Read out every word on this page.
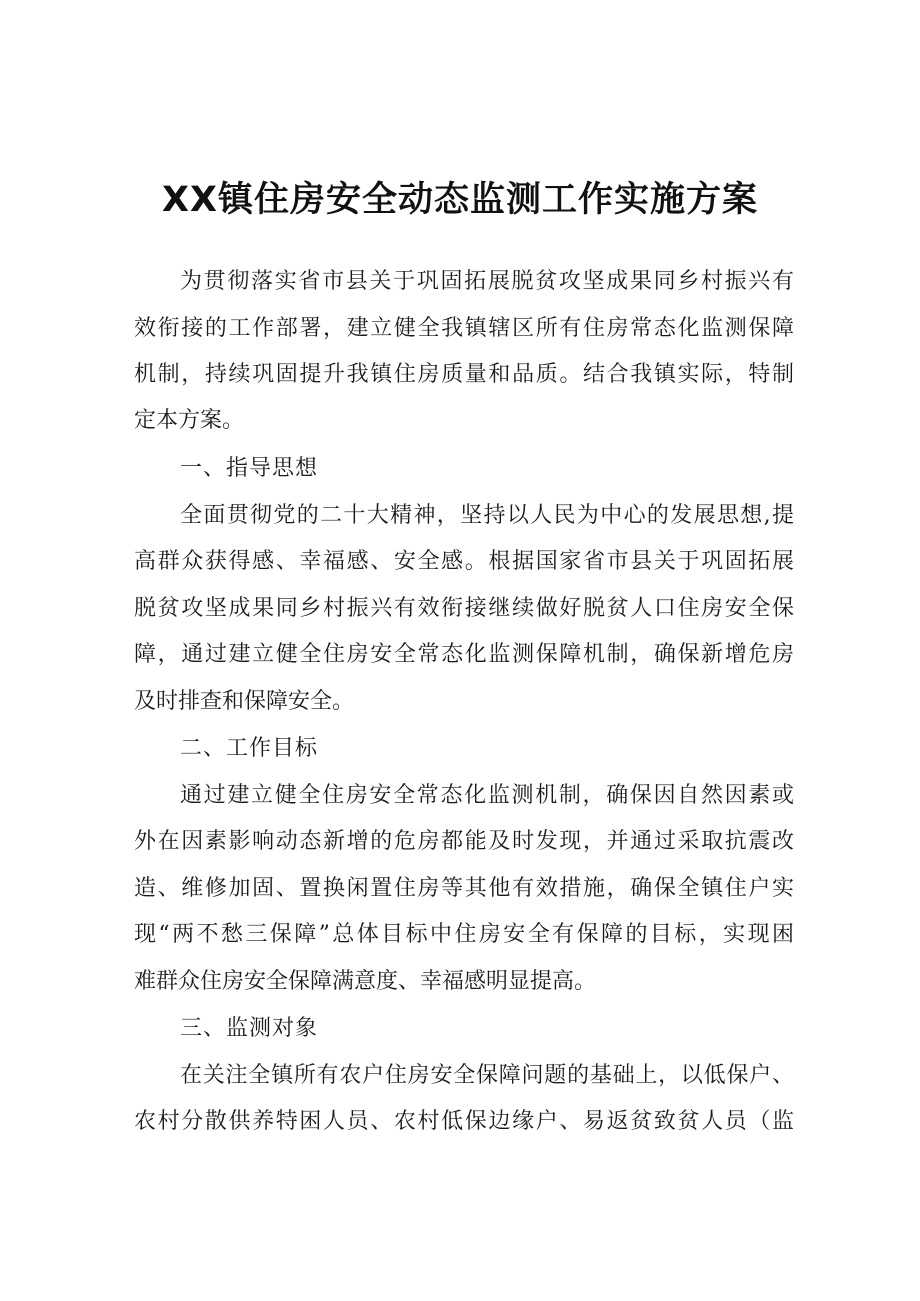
XX镇住房安全动态监测工作实施方案
为贯彻落实省市县关于巩固拓展脱贫攻坚成果同乡村振兴有
效衔接的工作部署，建立健全我镇辖区所有住房常态化监测保障
机制，持续巩固提升我镇住房质量和品质。结合我镇实际，特制
定本方案。
一、指导思想
全面贯彻党的二十大精神，坚持以人民为中心的发展思想,提
高群众获得感、幸福感、安全感。根据国家省市县关于巩固拓展
脱贫攻坚成果同乡村振兴有效衔接继续做好脱贫人口住房安全保
障，通过建立健全住房安全常态化监测保障机制，确保新增危房
及时排查和保障安全。
二、工作目标
通过建立健全住房安全常态化监测机制，确保因自然因素或
外在因素影响动态新增的危房都能及时发现，并通过采取抗震改
造、维修加固、置换闲置住房等其他有效措施，确保全镇住户实
现“两不愁三保障”总体目标中住房安全有保障的目标，实现困
难群众住房安全保障满意度、幸福感明显提高。
三、监测对象
在关注全镇所有农户住房安全保障问题的基础上，以低保户、
农村分散供养特困人员、农村低保边缘户、易返贫致贫人员（监
